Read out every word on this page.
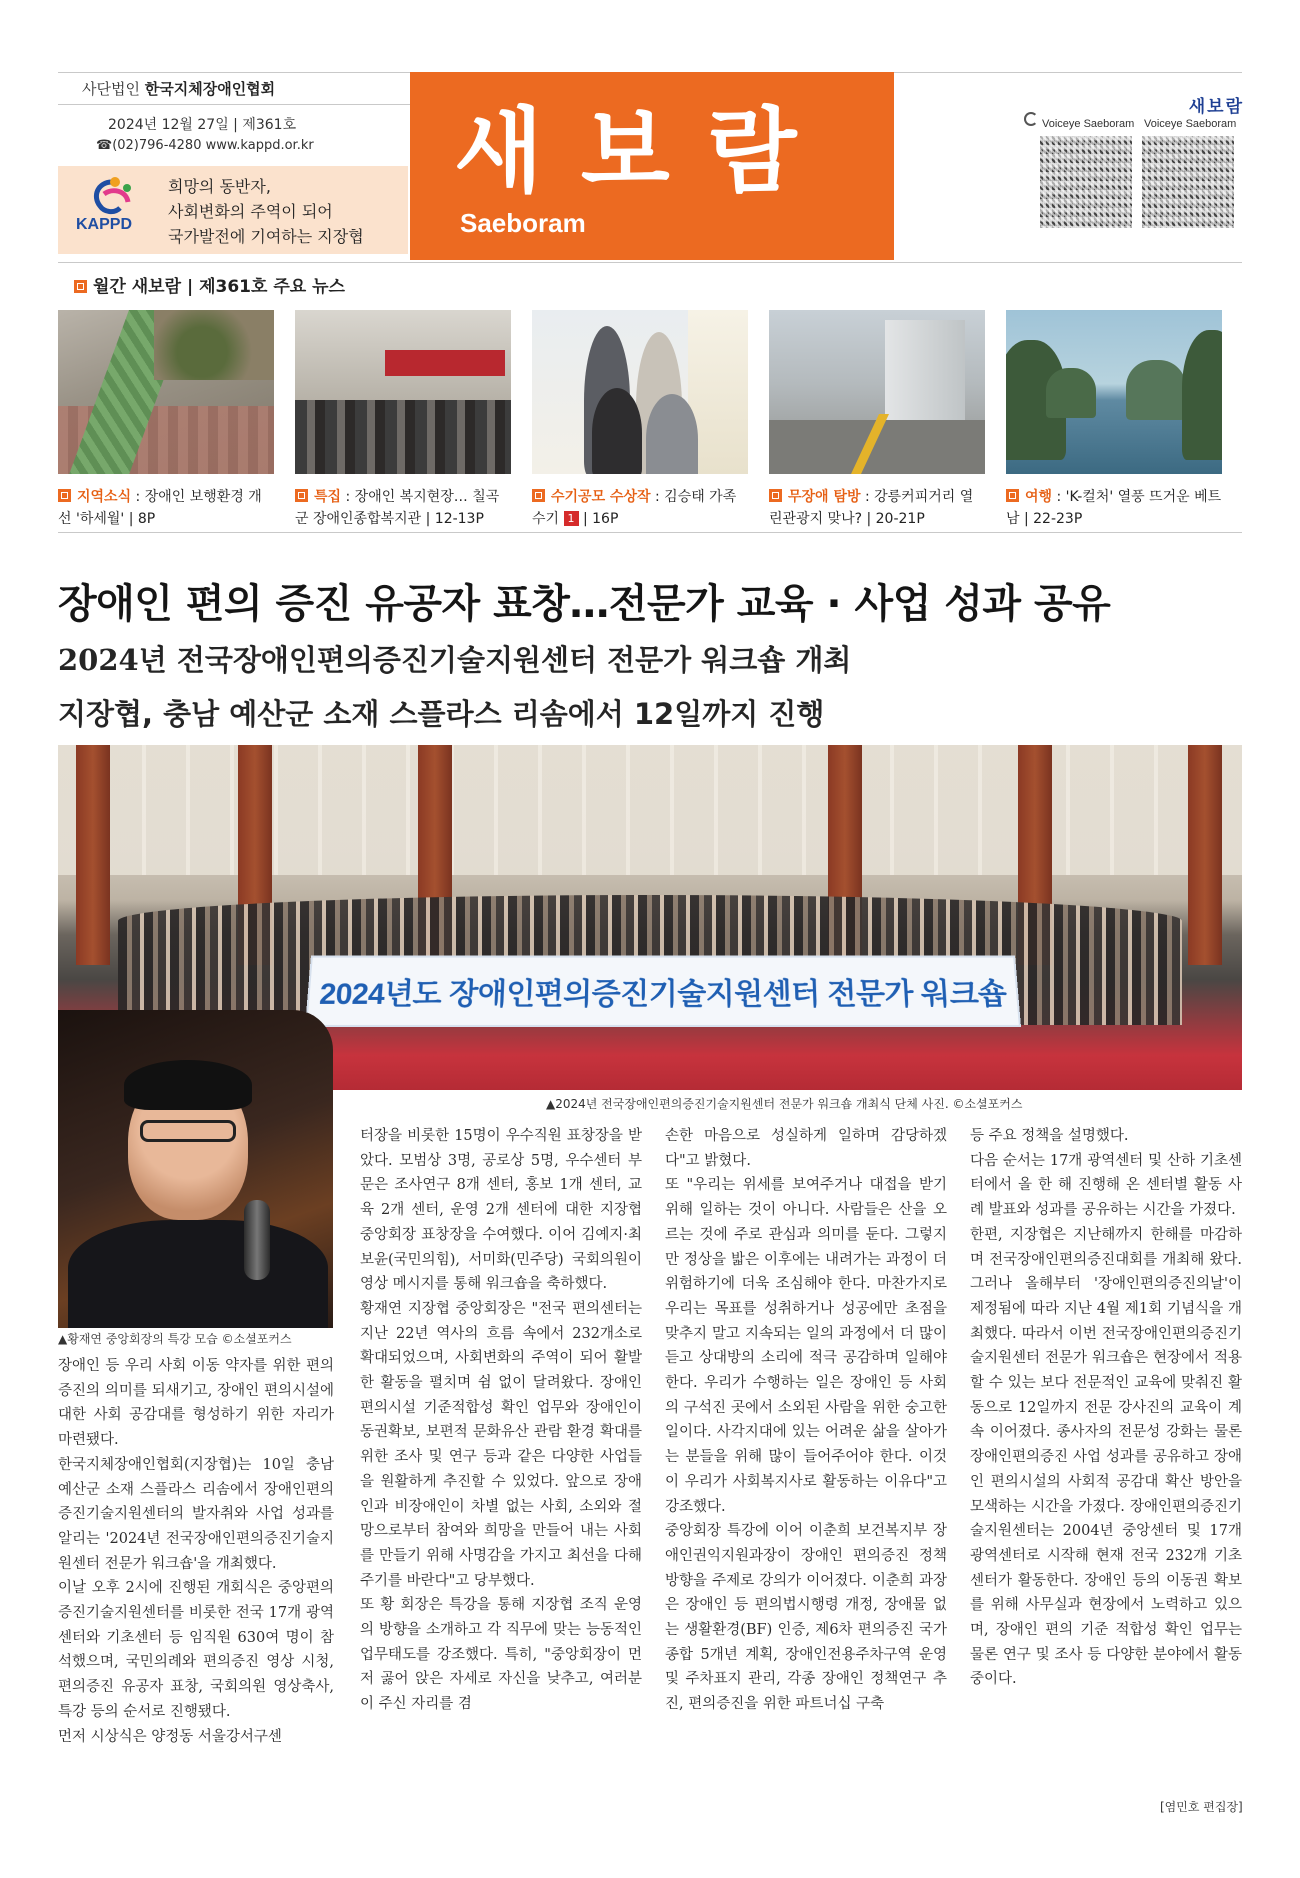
사단법인 한국지체장애인협회
2024년 12월 27일 | 제361호
☎(02)796-4280 www.kappd.or.kr
KAPPD
희망의 동반자,
사회변화의 주역이 되어
국가발전에 기여하는 지장협
새보람
Saeboram
새보람
Voiceye Saeboram Voiceye Saeboram
월간 새보람 | 제361호 주요 뉴스
지역소식 : 장애인 보행환경 개선 '하세월' | 8P
특집 : 장애인 복지현장… 칠곡군 장애인종합복지관 | 12-13P
수기공모 수상작 : 김승태 가족 수기 1 | 16P
무장애 탐방 : 강릉커피거리 열린관광지 맞나? | 20-21P
여행 : 'K-컬처' 열풍 뜨거운 베트남 | 22-23P
장애인 편의 증진 유공자 표창…전문가 교육 · 사업 성과 공유
2024년 전국장애인편의증진기술지원센터 전문가 워크숍 개최
지장협, 충남 예산군 소재 스플라스 리솜에서 12일까지 진행
2024년도 장애인편의증진기술지원센터 전문가 워크숍
▲2024년 전국장애인편의증진기술지원센터 전문가 워크숍 개최식 단체 사진. ©소셜포커스
▲황재연 중앙회장의 특강 모습 ©소셜포커스

장애인 등 우리 사회 이동 약자를 위한 편의 증진의 의미를 되새기고, 장애인 편의시설에 대한 사회 공감대를 형성하기 위한 자리가 마련됐다.

한국지체장애인협회(지장협)는 10일 충남 예산군 소재 스플라스 리솜에서 장애인편의증진기술지원센터의 발자취와 사업 성과를 알리는 '2024년 전국장애인편의증진기술지원센터 전문가 워크숍'을 개최했다.

이날 오후 2시에 진행된 개회식은 중앙편의증진기술지원센터를 비롯한 전국 17개 광역센터와 기초센터 등 임직원 630여 명이 참석했으며, 국민의례와 편의증진 영상 시청, 편의증진 유공자 표창, 국회의원 영상축사, 특강 등의 순서로 진행됐다.

먼저 시상식은 양정동 서울강서구센

터장을 비롯한 15명이 우수직원 표창장을 받았다. 모범상 3명, 공로상 5명, 우수센터 부문은 조사연구 8개 센터, 홍보 1개 센터, 교육 2개 센터, 운영 2개 센터에 대한 지장협 중앙회장 표창장을 수여했다. 이어 김예지·최보윤(국민의힘), 서미화(민주당) 국회의원이 영상 메시지를 통해 워크숍을 축하했다.

황재연 지장협 중앙회장은 "전국 편의센터는 지난 22년 역사의 흐름 속에서 232개소로 확대되었으며, 사회변화의 주역이 되어 활발한 활동을 펼치며 쉼 없이 달려왔다. 장애인 편의시설 기준적합성 확인 업무와 장애인이동권확보, 보편적 문화유산 관람 환경 확대를 위한 조사 및 연구 등과 같은 다양한 사업들을 원활하게 추진할 수 있었다. 앞으로 장애인과 비장애인이 차별 없는 사회, 소외와 절망으로부터 참여와 희망을 만들어 내는 사회를 만들기 위해 사명감을 가지고 최선을 다해주기를 바란다"고 당부했다.

또 황 회장은 특강을 통해 지장협 조직 운영의 방향을 소개하고 각 직무에 맞는 능동적인 업무태도를 강조했다. 특히, "중앙회장이 먼저 곯어 앉은 자세로 자신을 낮추고, 여러분이 주신 자리를 겸

손한 마음으로 성실하게 일하며 감당하겠다"고 밝혔다.

또 "우리는 위세를 보여주거나 대접을 받기 위해 일하는 것이 아니다. 사람들은 산을 오르는 것에 주로 관심과 의미를 둔다. 그렇지만 정상을 밟은 이후에는 내려가는 과정이 더 위험하기에 더욱 조심해야 한다. 마찬가지로 우리는 목표를 성취하거나 성공에만 초점을 맞추지 말고 지속되는 일의 과정에서 더 많이 듣고 상대방의 소리에 적극 공감하며 일해야 한다. 우리가 수행하는 일은 장애인 등 사회의 구석진 곳에서 소외된 사람을 위한 숭고한 일이다. 사각지대에 있는 어려운 삶을 살아가는 분들을 위해 많이 들어주어야 한다. 이것이 우리가 사회복지사로 활동하는 이유다"고 강조했다.

중앙회장 특강에 이어 이춘희 보건복지부 장애인권익지원과장이 장애인 편의증진 정책 방향을 주제로 강의가 이어졌다. 이춘희 과장은 장애인 등 편의법시행령 개정, 장애물 없는 생활환경(BF) 인증, 제6차 편의증진 국가종합 5개년 계획, 장애인전용주차구역 운영 및 주차표지 관리, 각종 장애인 정책연구 추진, 편의증진을 위한 파트너십 구축

등 주요 정책을 설명했다.

다음 순서는 17개 광역센터 및 산하 기초센터에서 올 한 해 진행해 온 센터별 활동 사례 발표와 성과를 공유하는 시간을 가졌다.

한편, 지장협은 지난해까지 한해를 마감하며 전국장애인편의증진대회를 개최해 왔다. 그러나 올해부터 '장애인편의증진의날'이 제정됨에 따라 지난 4월 제1회 기념식을 개최했다. 따라서 이번 전국장애인편의증진기술지원센터 전문가 워크숍은 현장에서 적용할 수 있는 보다 전문적인 교육에 맞춰진 활동으로 12일까지 전문 강사진의 교육이 계속 이어졌다. 종사자의 전문성 강화는 물론 장애인편의증진 사업 성과를 공유하고 장애인 편의시설의 사회적 공감대 확산 방안을 모색하는 시간을 가졌다. 장애인편의증진기술지원센터는 2004년 중앙센터 및 17개 광역센터로 시작해 현재 전국 232개 기초센터가 활동한다. 장애인 등의 이동권 확보를 위해 사무실과 현장에서 노력하고 있으며, 장애인 편의 기준 적합성 확인 업무는 물론 연구 및 조사 등 다양한 분야에서 활동 중이다.

[염민호 편집장]
